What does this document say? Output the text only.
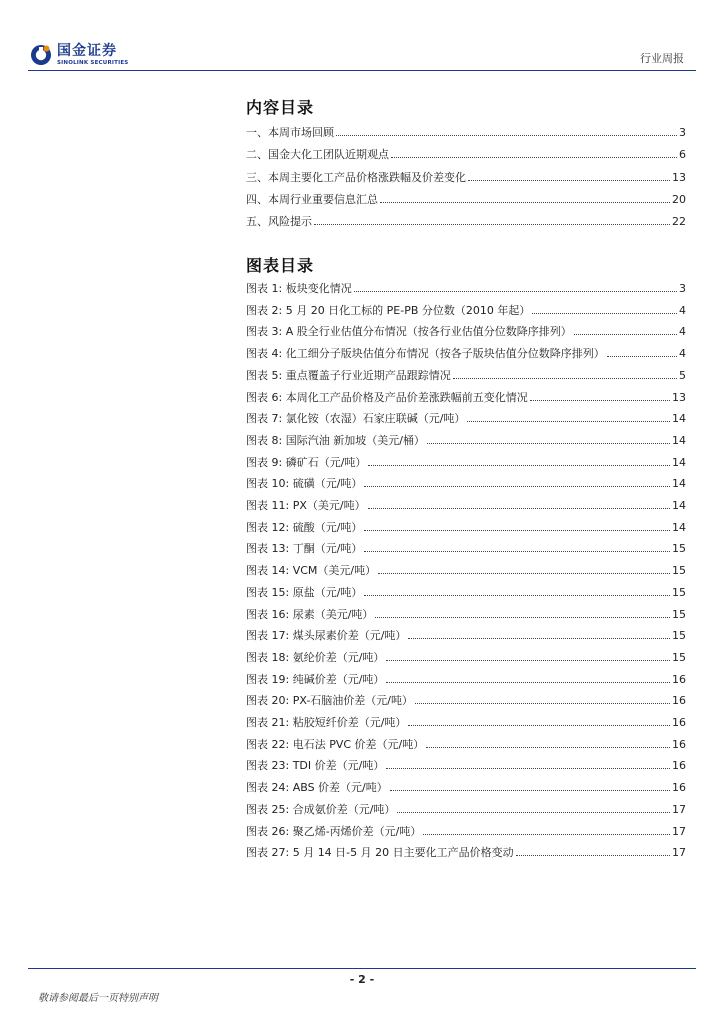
国金证券
SINOLINK SECURITIES	行业周报
内容目录
一、本周市场回顾	3
二、国金大化工团队近期观点	6
三、本周主要化工产品价格涨跌幅及价差变化	13
四、本周行业重要信息汇总	20
五、风险提示	22
图表目录
图表 1: 板块变化情况	3
图表 2: 5 月 20 日化工标的 PE-PB 分位数（2010 年起）	4
图表 3: A 股全行业估值分布情况（按各行业估值分位数降序排列）	4
图表 4: 化工细分子版块估值分布情况（按各子版块估值分位数降序排列）	4
图表 5: 重点覆盖子行业近期产品跟踪情况	5
图表 6: 本周化工产品价格及产品价差涨跌幅前五变化情况	13
图表 7: 氯化铵（农湿）石家庄联碱（元/吨）	14
图表 8: 国际汽油 新加坡（美元/桶）	14
图表 9: 磷矿石（元/吨）	14
图表 10: 硫磺（元/吨）	14
图表 11: PX（美元/吨）	14
图表 12: 硫酸（元/吨）	14
图表 13: 丁酮（元/吨）	15
图表 14: VCM（美元/吨）	15
图表 15: 原盐（元/吨）	15
图表 16: 尿素（美元/吨）	15
图表 17: 煤头尿素价差（元/吨）	15
图表 18: 氨纶价差（元/吨）	15
图表 19: 纯碱价差（元/吨）	16
图表 20: PX-石脑油价差（元/吨）	16
图表 21: 粘胶短纤价差（元/吨）	16
图表 22: 电石法 PVC 价差（元/吨）	16
图表 23: TDI 价差（元/吨）	16
图表 24: ABS 价差（元/吨）	16
图表 25: 合成氨价差（元/吨）	17
图表 26: 聚乙烯-丙烯价差（元/吨）	17
图表 27: 5 月 14 日-5 月 20 日主要化工产品价格变动	17
- 2 -
敬请参阅最后一页特别声明
